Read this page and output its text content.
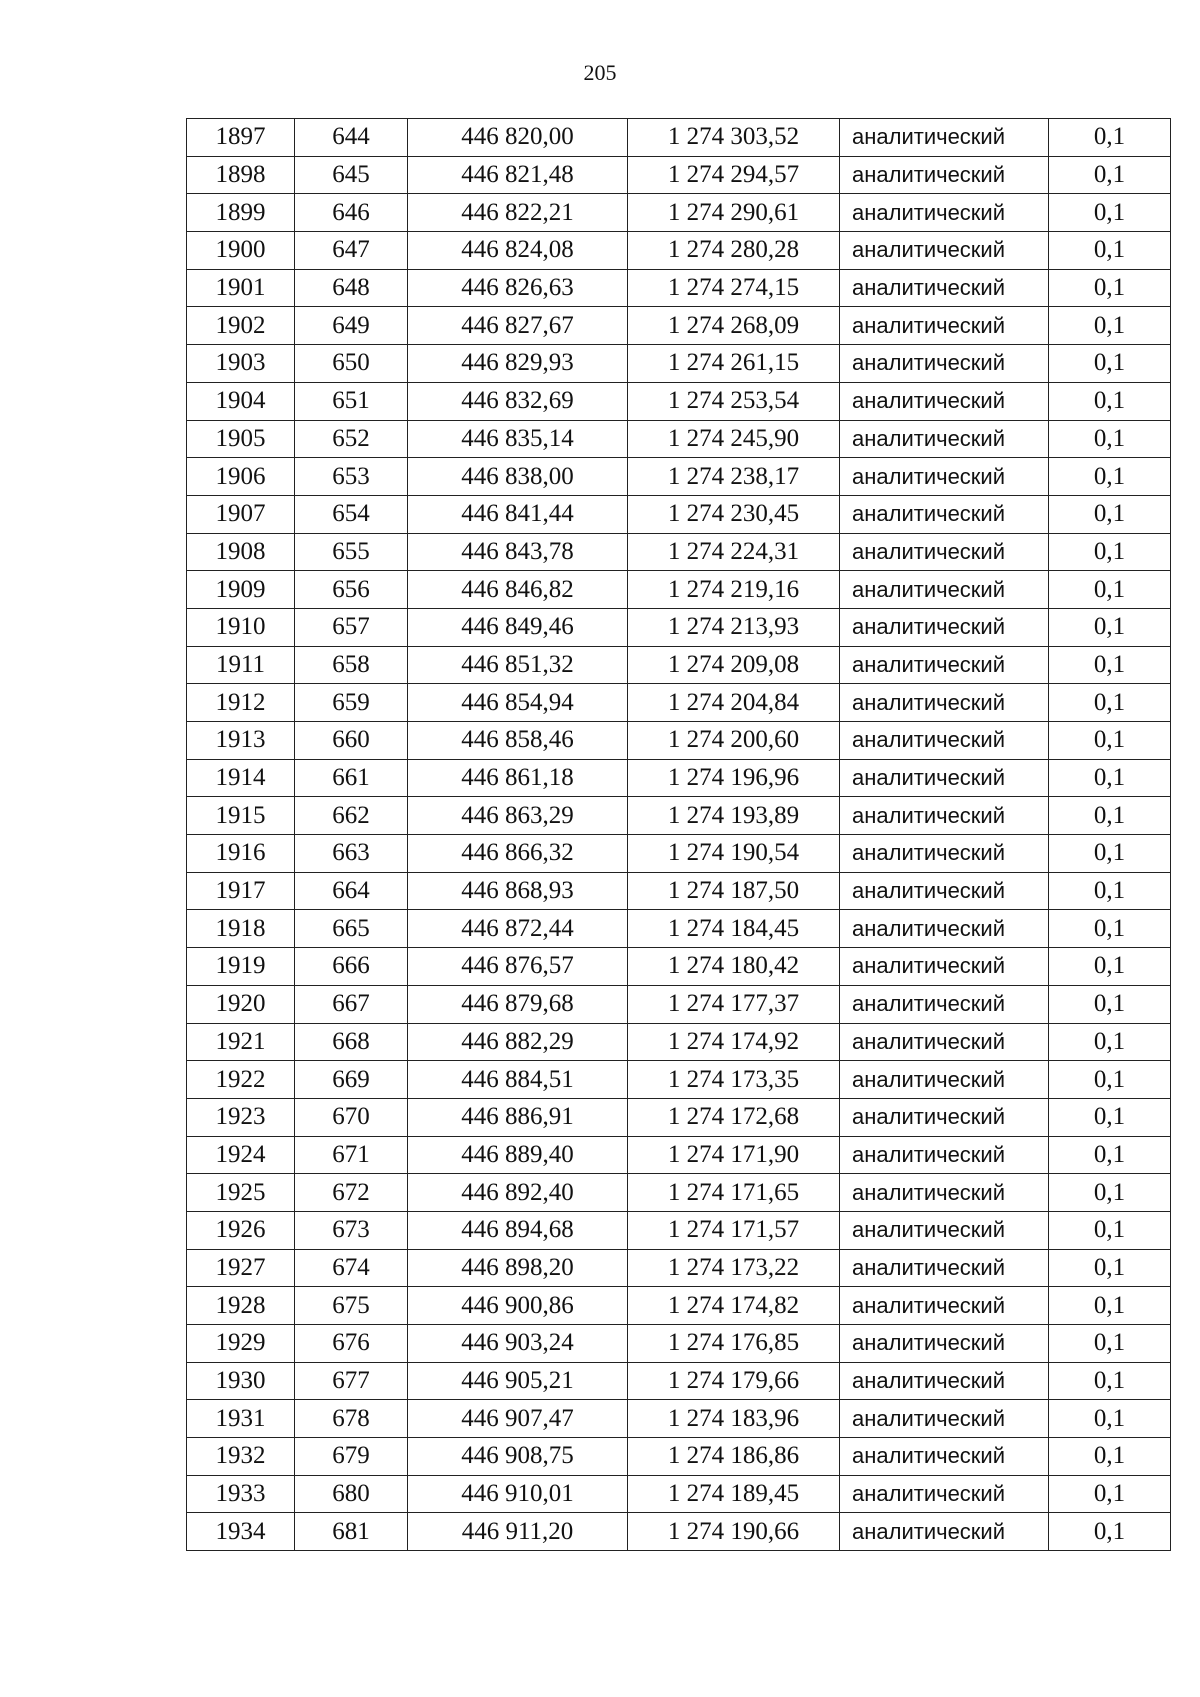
205
1897	644	446 820,00	1 274 303,52	аналитический	0,1
1898	645	446 821,48	1 274 294,57	аналитический	0,1
1899	646	446 822,21	1 274 290,61	аналитический	0,1
1900	647	446 824,08	1 274 280,28	аналитический	0,1
1901	648	446 826,63	1 274 274,15	аналитический	0,1
1902	649	446 827,67	1 274 268,09	аналитический	0,1
1903	650	446 829,93	1 274 261,15	аналитический	0,1
1904	651	446 832,69	1 274 253,54	аналитический	0,1
1905	652	446 835,14	1 274 245,90	аналитический	0,1
1906	653	446 838,00	1 274 238,17	аналитический	0,1
1907	654	446 841,44	1 274 230,45	аналитический	0,1
1908	655	446 843,78	1 274 224,31	аналитический	0,1
1909	656	446 846,82	1 274 219,16	аналитический	0,1
1910	657	446 849,46	1 274 213,93	аналитический	0,1
1911	658	446 851,32	1 274 209,08	аналитический	0,1
1912	659	446 854,94	1 274 204,84	аналитический	0,1
1913	660	446 858,46	1 274 200,60	аналитический	0,1
1914	661	446 861,18	1 274 196,96	аналитический	0,1
1915	662	446 863,29	1 274 193,89	аналитический	0,1
1916	663	446 866,32	1 274 190,54	аналитический	0,1
1917	664	446 868,93	1 274 187,50	аналитический	0,1
1918	665	446 872,44	1 274 184,45	аналитический	0,1
1919	666	446 876,57	1 274 180,42	аналитический	0,1
1920	667	446 879,68	1 274 177,37	аналитический	0,1
1921	668	446 882,29	1 274 174,92	аналитический	0,1
1922	669	446 884,51	1 274 173,35	аналитический	0,1
1923	670	446 886,91	1 274 172,68	аналитический	0,1
1924	671	446 889,40	1 274 171,90	аналитический	0,1
1925	672	446 892,40	1 274 171,65	аналитический	0,1
1926	673	446 894,68	1 274 171,57	аналитический	0,1
1927	674	446 898,20	1 274 173,22	аналитический	0,1
1928	675	446 900,86	1 274 174,82	аналитический	0,1
1929	676	446 903,24	1 274 176,85	аналитический	0,1
1930	677	446 905,21	1 274 179,66	аналитический	0,1
1931	678	446 907,47	1 274 183,96	аналитический	0,1
1932	679	446 908,75	1 274 186,86	аналитический	0,1
1933	680	446 910,01	1 274 189,45	аналитический	0,1
1934	681	446 911,20	1 274 190,66	аналитический	0,1
